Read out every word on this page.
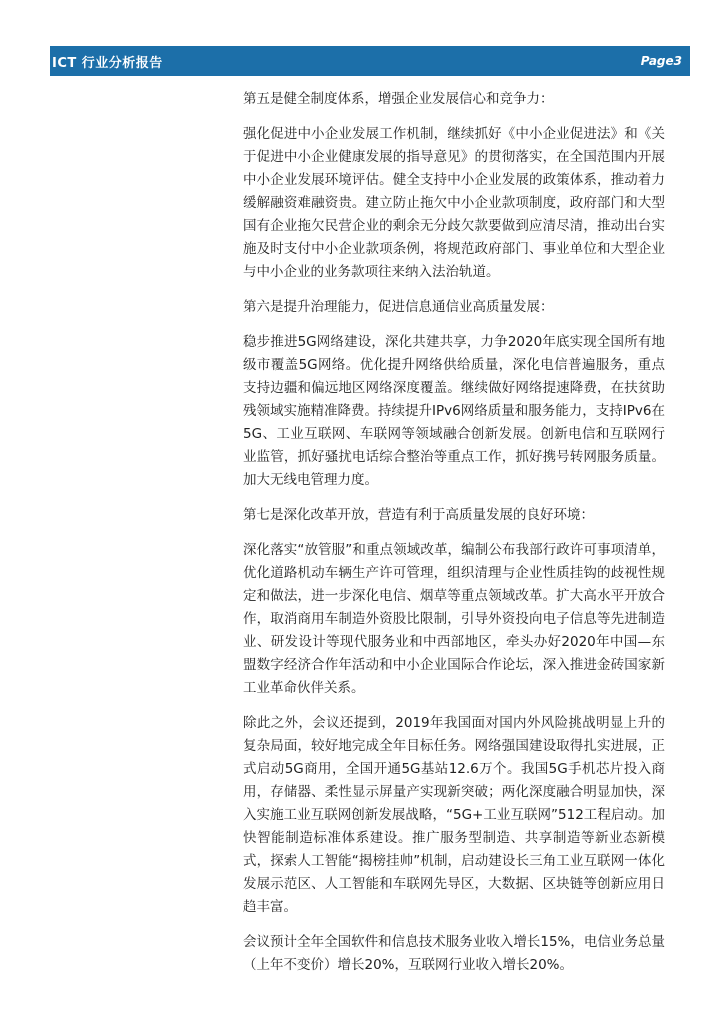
ICT 行业分析报告	Page3

第五是健全制度体系，增强企业发展信心和竞争力：

强化促进中小企业发展工作机制，继续抓好《中小企业促进法》和《关于促进中小企业健康发展的指导意见》的贯彻落实，在全国范围内开展中小企业发展环境评估。健全支持中小企业发展的政策体系，推动着力缓解融资难融资贵。建立防止拖欠中小企业款项制度，政府部门和大型国有企业拖欠民营企业的剩余无分歧欠款要做到应清尽清，推动出台实施及时支付中小企业款项条例，将规范政府部门、事业单位和大型企业与中小企业的业务款项往来纳入法治轨道。

第六是提升治理能力，促进信息通信业高质量发展：

稳步推进5G网络建设，深化共建共享，力争2020年底实现全国所有地级市覆盖5G网络。优化提升网络供给质量，深化电信普遍服务，重点支持边疆和偏远地区网络深度覆盖。继续做好网络提速降费，在扶贫助残领域实施精准降费。持续提升IPv6网络质量和服务能力，支持IPv6在5G、工业互联网、车联网等领域融合创新发展。创新电信和互联网行业监管，抓好骚扰电话综合整治等重点工作，抓好携号转网服务质量。加大无线电管理力度。

第七是深化改革开放，营造有利于高质量发展的良好环境：

深化落实“放管服”和重点领域改革，编制公布我部行政许可事项清单，优化道路机动车辆生产许可管理，组织清理与企业性质挂钩的歧视性规定和做法，进一步深化电信、烟草等重点领域改革。扩大高水平开放合作，取消商用车制造外资股比限制，引导外资投向电子信息等先进制造业、研发设计等现代服务业和中西部地区，牵头办好2020年中国—东盟数字经济合作年活动和中小企业国际合作论坛，深入推进金砖国家新工业革命伙伴关系。

除此之外，会议还提到，2019年我国面对国内外风险挑战明显上升的复杂局面，较好地完成全年目标任务。网络强国建设取得扎实进展，正式启动5G商用，全国开通5G基站12.6万个。我国5G手机芯片投入商用，存储器、柔性显示屏量产实现新突破；两化深度融合明显加快，深入实施工业互联网创新发展战略，“5G+工业互联网”512工程启动。加快智能制造标准体系建设。推广服务型制造、共享制造等新业态新模式，探索人工智能“揭榜挂帅”机制，启动建设长三角工业互联网一体化发展示范区、人工智能和车联网先导区，大数据、区块链等创新应用日趋丰富。

会议预计全年全国软件和信息技术服务业收入增长15%，电信业务总量（上年不变价）增长20%，互联网行业收入增长20%。
